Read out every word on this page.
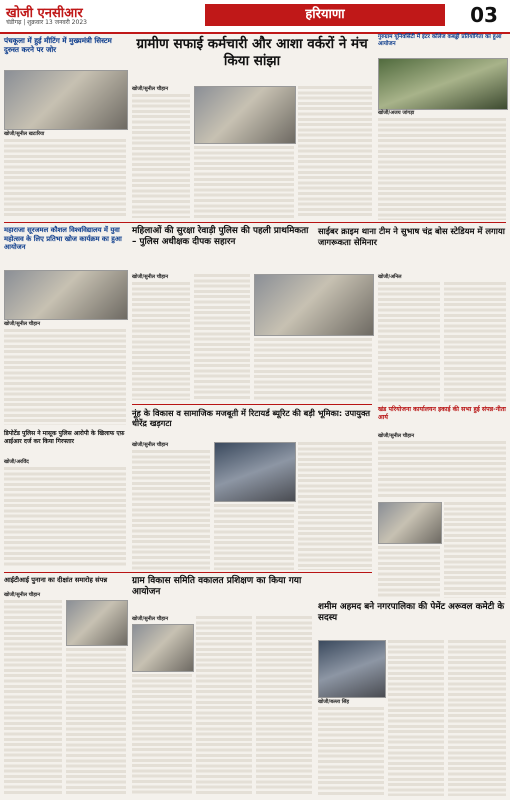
खोजी एनसीआर
चंडीगढ़ | शुक्रवार 13 जनवरी 2023
हरियाणा	03
पंचकूला में हुई मीटिंग में मुख्यमंत्री सिस्टम दुरुस्त करने पर जोर
खोजी/सुनील खटारिया
ग्रामीण सफाई कर्मचारी और आशा वर्करों ने मंच किया सांझा
खोजी/सुनील चौहान
गुरुग्राम यूनिवर्सिटी में इंटर कॉलेज कबड्डी प्रतियोगिता का हुआ आयोजन
खोजी/अजय जांगड़ा
महाराजा सूरजमल कौशल विश्वविद्यालय में युवा महोत्सव के लिए प्रतिभा खोज कार्यक्रम का हुआ आयोजन
खोजी/सुनील चौहान
महिलाओं की सुरक्षा रेवाड़ी पुलिस की पहली प्राथमिकता – पुलिस अधीक्षक दीपक सहारन
खोजी/सुनील चौहान
साईबर क्राइम थाना टीम ने सुभाष चंद्र बोस स्टेडियम में लगाया जागरूकता सेमिनार
खोजी/अनिल
खंड परियोजना कार्यालयन इकाई की सभा हुई संपन्न-नीता आर्य
खोजी/सुनील चौहान
नूंह के विकास व सामाजिक मजबूती में रिटायर्ड ब्यूरिट की बड़ी भूमिका: उपायुक्त धीरेंद्र खड़गटा
खोजी/सुनील चौहान
डिपोर्टेड पुलिस ने मासूक पुलिस आरोपी के खिलाफ एफ़ आईआर दर्ज कर किया गिरफ्तार
खोजी/अरविंद
आईटीआई पुनाना का दीक्षांत समारोह संपन्न
खोजी/सुनील चौहान
ग्राम विकास समिति वकालत प्रशिक्षण का किया गया आयोजन
खोजी/सुनील चौहान
शमीम अहमद बने नगरपालिका की पेमेंट अरूवल कमेटी के सदस्य
खोजी/बल्ला सिंह
